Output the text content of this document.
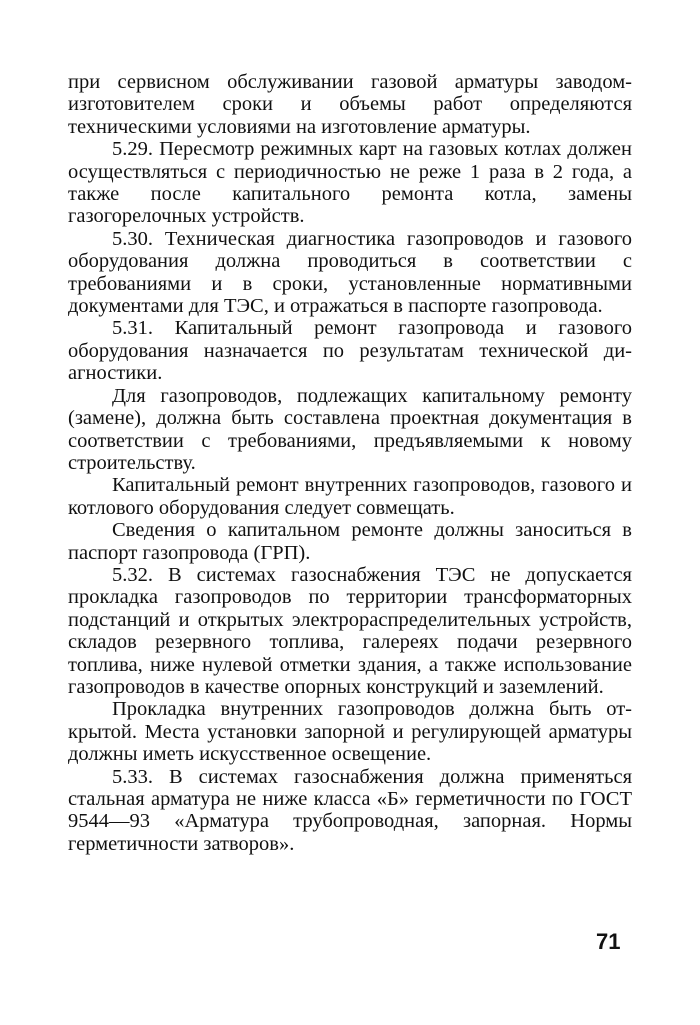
при сервисном обслуживании газовой арматуры заводом-изготовителем сроки и объемы работ определяются техническими условиями на изготовление арматуры.

5.29. Пересмотр режимных карт на газовых котлах должен осуществляться с периодичностью не реже 1 раза в 2 года, а также после капитального ремонта котла, замены газогорелочных устройств.

5.30. Техническая диагностика газопроводов и газового оборудования должна проводиться в соответствии с требованиями и в сроки, установленные нормативными документами для ТЭС, и отражаться в паспорте газопровода.

5.31. Капитальный ремонт газопровода и газового оборудования назначается по результатам технической диагностики.

Для газопроводов, подлежащих капитальному ремонту (замене), должна быть составлена проектная документация в соответствии с требованиями, предъявляемыми к новому строительству.

Капитальный ремонт внутренних газопроводов, газового и котлового оборудования следует совмещать.

Сведения о капитальном ремонте должны заноситься в паспорт газопровода (ГРП).

5.32. В системах газоснабжения ТЭС не допускается прокладка газопроводов по территории трансформаторных подстанций и открытых электрораспределительных устройств, складов резервного топлива, галереях подачи резервного топлива, ниже нулевой отметки здания, а также использование газопроводов в качестве опорных конструкций и заземлений.

Прокладка внутренних газопроводов должна быть открытой. Места установки запорной и регулирующей арматуры должны иметь искусственное освещение.

5.33. В системах газоснабжения должна применяться стальная арматура не ниже класса «Б» герметичности по ГОСТ 9544—93 «Арматура трубопроводная, запорная. Нормы герметичности затворов».

71
